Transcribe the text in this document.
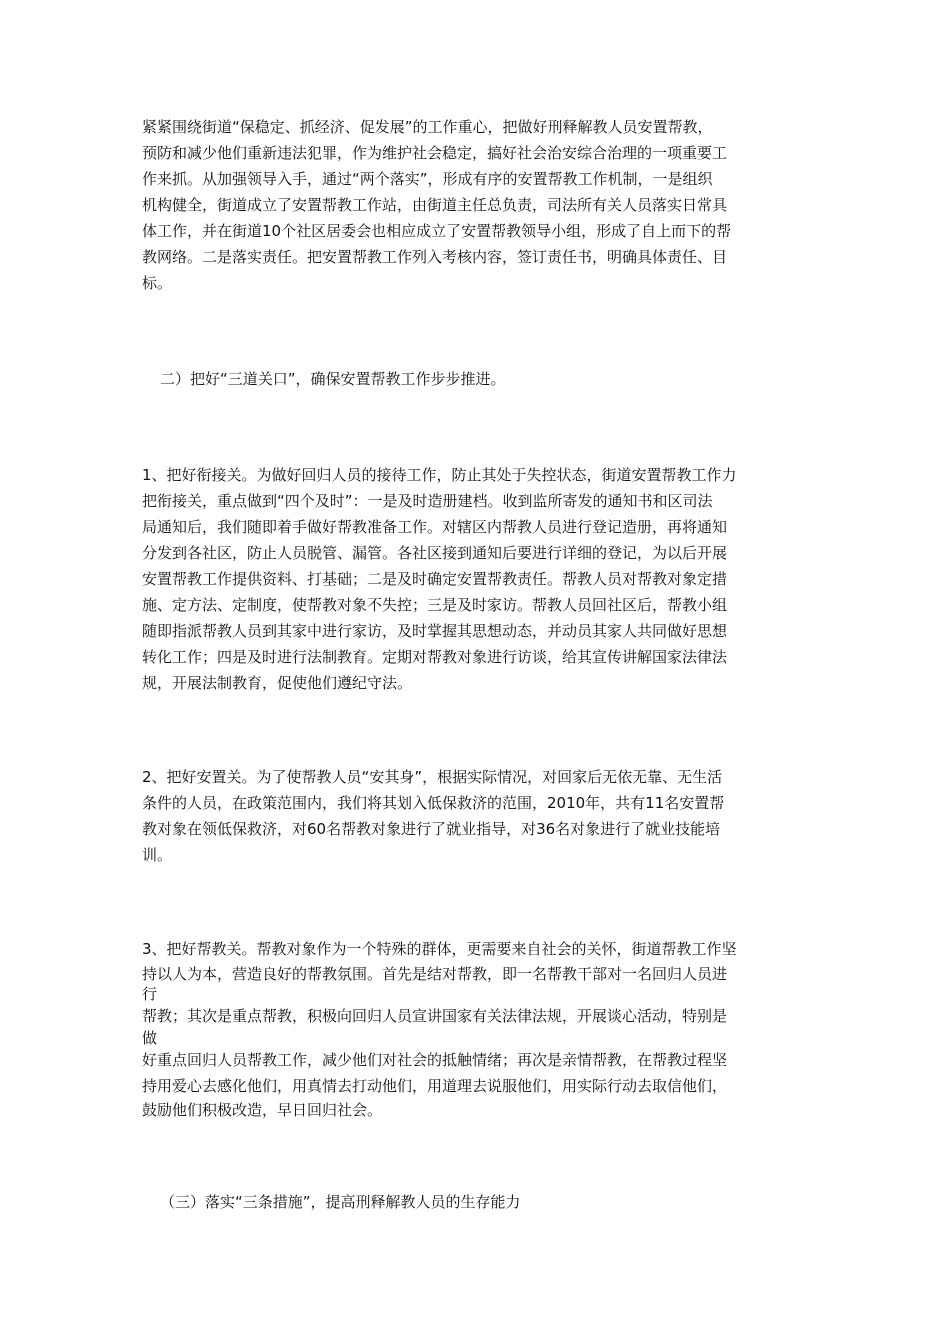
紧紧围绕街道“保稳定、抓经济、促发展”的工作重心，把做好刑释解教人员安置帮教，
预防和减少他们重新违法犯罪，作为维护社会稳定，搞好社会治安综合治理的一项重要工
作来抓。从加强领导入手，通过“两个落实”，形成有序的安置帮教工作机制，一是组织
机构健全，街道成立了安置帮教工作站，由街道主任总负责，司法所有关人员落实日常具
体工作，并在街道10个社区居委会也相应成立了安置帮教领导小组，形成了自上而下的帮
教网络。二是落实责任。把安置帮教工作列入考核内容，签订责任书，明确具体责任、目
标。
二）把好“三道关口”，确保安置帮教工作步步推进。
1、把好衔接关。为做好回归人员的接待工作，防止其处于失控状态，街道安置帮教工作力
把衔接关，重点做到“四个及时”：一是及时造册建档。收到监所寄发的通知书和区司法
局通知后，我们随即着手做好帮教准备工作。对辖区内帮教人员进行登记造册，再将通知
分发到各社区，防止人员脱管、漏管。各社区接到通知后要进行详细的登记，为以后开展
安置帮教工作提供资料、打基础；二是及时确定安置帮教责任。帮教人员对帮教对象定措
施、定方法、定制度，使帮教对象不失控；三是及时家访。帮教人员回社区后，帮教小组
随即指派帮教人员到其家中进行家访，及时掌握其思想动态，并动员其家人共同做好思想
转化工作；四是及时进行法制教育。定期对帮教对象进行访谈，给其宣传讲解国家法律法
规，开展法制教育，促使他们遵纪守法。
2、把好安置关。为了使帮教人员“安其身”，根据实际情况，对回家后无依无靠、无生活
条件的人员，在政策范围内，我们将其划入低保救济的范围，2010年，共有11名安置帮
教对象在领低保救济，对60名帮教对象进行了就业指导，对36名对象进行了就业技能培
训。
3、把好帮教关。帮教对象作为一个特殊的群体，更需要来自社会的关怀，街道帮教工作坚
持以人为本，营造良好的帮教氛围。首先是结对帮教，即一名帮教干部对一名回归人员进
行
帮教；其次是重点帮教，积极向回归人员宣讲国家有关法律法规，开展谈心活动，特别是
做
好重点回归人员帮教工作，减少他们对社会的抵触情绪；再次是亲情帮教，在帮教过程坚
持用爱心去感化他们，用真情去打动他们，用道理去说服他们，用实际行动去取信他们，
鼓励他们积极改造，早日回归社会。
（三）落实“三条措施”，提高刑释解教人员的生存能力
